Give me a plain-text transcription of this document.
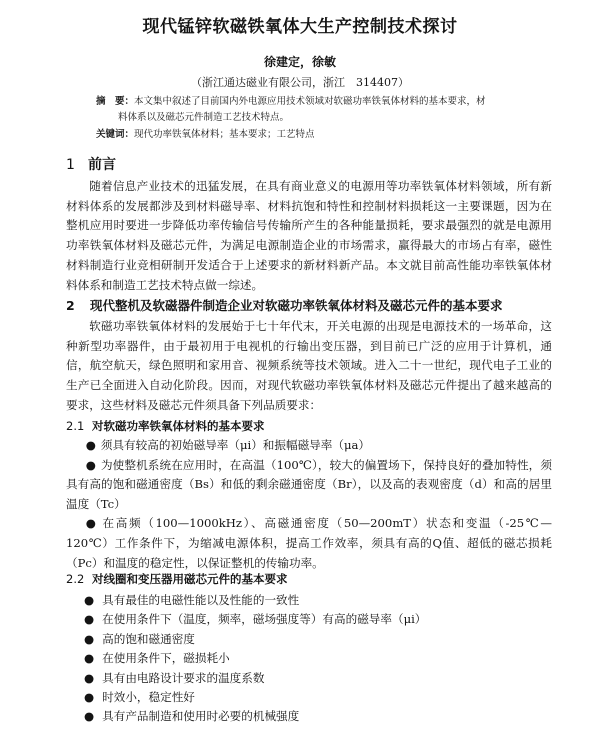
现代锰锌软磁铁氧体大生产控制技术探讨
徐建定，徐敏
（浙江通达磁业有限公司，浙江　314407）
摘　要：本文集中叙述了目前国内外电源应用技术领域对软磁功率铁氧体材料的基本要求，材
料体系以及磁芯元件制造工艺技术特点。
关键词：现代功率铁氧体材料；基本要求；工艺特点
1 前言
随着信息产业技术的迅猛发展，在具有商业意义的电源用等功率铁氧体材料领域，所有新材料体系的发展都涉及到材料磁导率、材料抗饱和特性和控制材料损耗这一主要课题，因为在整机应用时要进一步降低功率传输信号传输所产生的各种能量损耗，要求最强烈的就是电源用功率铁氧体材料及磁芯元件，为满足电源制造企业的市场需求，赢得最大的市场占有率，磁性材料制造行业竞相研制开发适合于上述要求的新材料新产品。本文就目前高性能功率铁氧体材料体系和制造工艺技术特点做一综述。
2 现代整机及软磁器件制造企业对软磁功率铁氧体材料及磁芯元件的基本要求
软磁功率铁氧体材料的发展始于七十年代末，开关电源的出现是电源技术的一场革命，这种新型功率器件，由于最初用于电视机的行输出变压器，到目前已广泛的应用于计算机，通信，航空航天，绿色照明和家用音、视频系统等技术领域。进入二十一世纪，现代电子工业的生产已全面进入自动化阶段。因而，对现代软磁功率铁氧体材料及磁芯元件提出了越来越高的要求，这些材料及磁芯元件须具备下列品质要求：
2.1 对软磁功率铁氧体材料的基本要求
● 须具有较高的初始磁导率（μi）和振幅磁导率（μa）
● 为使整机系统在应用时，在高温（100℃），较大的偏置场下，保持良好的叠加特性，须具有高的饱和磁通密度（Bs）和低的剩余磁通密度（Br），以及高的表观密度（d）和高的居里温度（Tc）
● 在高频（100—1000kHz）、高磁通密度（50—200mT）状态和变温（-25℃—120℃）工作条件下，为缩减电源体积，提高工作效率，须具有高的Q值、超低的磁芯损耗（Pc）和温度的稳定性，以保证整机的传输功率。
2.2 对线圈和变压器用磁芯元件的基本要求
● 具有最佳的电磁性能以及性能的一致性
● 在使用条件下（温度，频率，磁场强度等）有高的磁导率（μi）
● 高的饱和磁通密度
● 在使用条件下，磁损耗小
● 具有由电路设计要求的温度系数
● 时效小，稳定性好
● 具有产品制造和使用时必要的机械强度
